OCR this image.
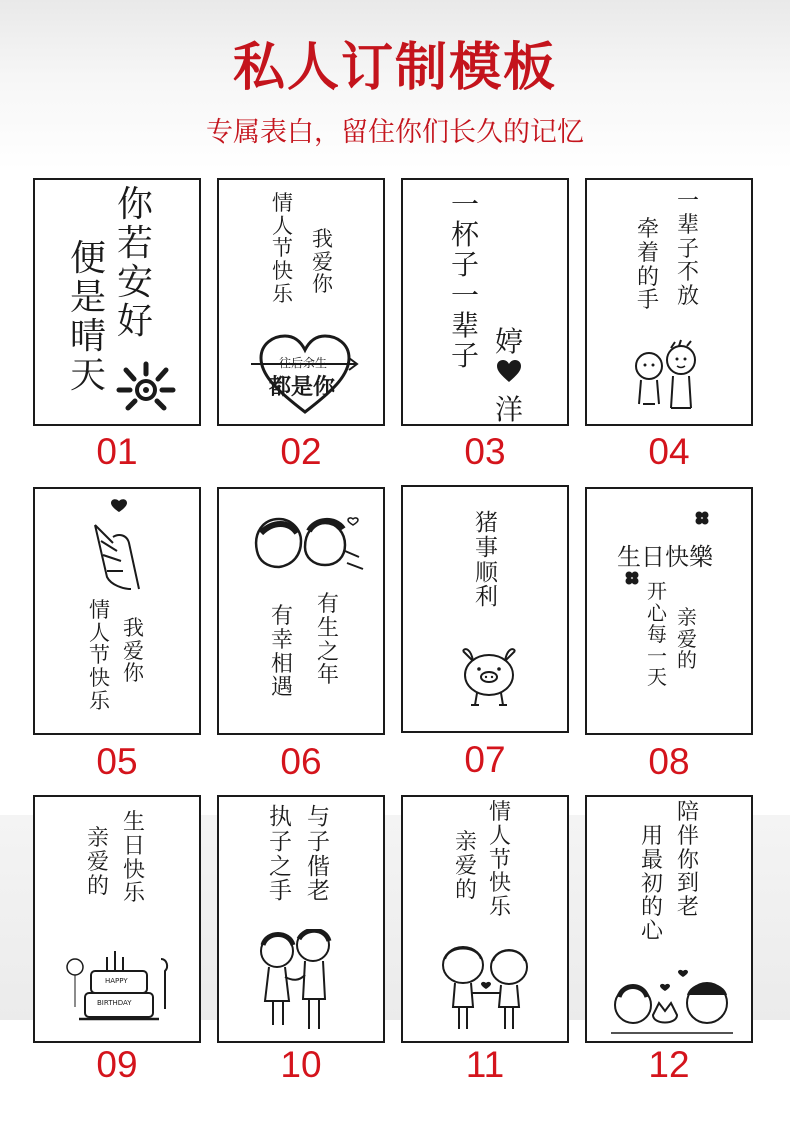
私人订制模板
专属表白，留住你们长久的记忆
你
若
安
好
便
是
晴
天
01
情
人
节
快
乐
我
爱
你
往后余生
都是你
02
一
杯
子
一
辈
子 婷
洋
03
一
辈
子
不
放
牵
着
的
手
04
我
爱
你
情
人
节
快
乐
05
有
生
之
年
有
幸
相
遇
06
猪
事
顺
利
07
生日快樂
亲
爱
的
开
心
每
一
天
08
生
日
快
乐
亲
爱
的
HAPPY
BIRTHDAY
09
与
子
偕
老
执
子
之
手
10
情
人
节
快
乐
亲
爱
的
11
陪
伴
你
到
老
用
最
初
的
心
12
